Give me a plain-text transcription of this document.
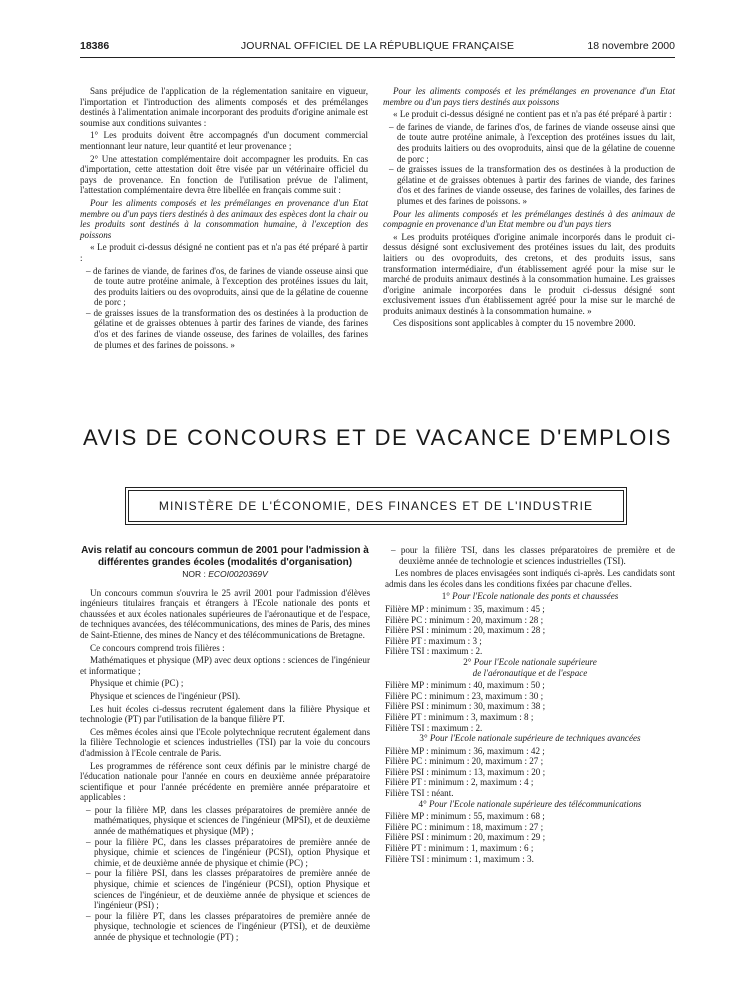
18386	JOURNAL OFFICIEL DE LA RÉPUBLIQUE FRANÇAISE	18 novembre 2000

Sans préjudice de l'application de la réglementation sanitaire en vigueur, l'importation et l'introduction des aliments composés et des prémélanges destinés à l'alimentation animale incorporant des produits d'origine animale est soumise aux conditions suivantes :

1° Les produits doivent être accompagnés d'un document commercial mentionnant leur nature, leur quantité et leur provenance ;

2° Une attestation complémentaire doit accompagner les produits. En cas d'importation, cette attestation doit être visée par un vétérinaire officiel du pays de provenance. En fonction de l'utilisation prévue de l'aliment, l'attestation complémentaire devra être libellée en français comme suit :

Pour les aliments composés et les prémélanges en provenance d'un Etat membre ou d'un pays tiers destinés à des animaux des espèces dont la chair ou les produits sont destinés à la consommation humaine, à l'exception des poissons

« Le produit ci-dessus désigné ne contient pas et n'a pas été préparé à partir :

– de farines de viande, de farines d'os, de farines de viande osseuse ainsi que de toute autre protéine animale, à l'exception des protéines issues du lait, des produits laitiers ou des ovoproduits, ainsi que de la gélatine de couenne de porc ;
– de graisses issues de la transformation des os destinées à la production de gélatine et de graisses obtenues à partir des farines de viande, des farines d'os et des farines de viande osseuse, des farines de volailles, des farines de plumes et des farines de poissons. »

Pour les aliments composés et les prémélanges en provenance d'un Etat membre ou d'un pays tiers destinés aux poissons

« Le produit ci-dessus désigné ne contient pas et n'a pas été préparé à partir :

– de farines de viande, de farines d'os, de farines de viande osseuse ainsi que de toute autre protéine animale, à l'exception des protéines issues du lait, des produits laitiers ou des ovoproduits, ainsi que de la gélatine de couenne de porc ;
– de graisses issues de la transformation des os destinées à la production de gélatine et de graisses obtenues à partir des farines de viande, des farines d'os et des farines de viande osseuse, des farines de volailles, des farines de plumes et des farines de poissons. »

Pour les aliments composés et les prémélanges destinés à des animaux de compagnie en provenance d'un Etat membre ou d'un pays tiers

« Les produits protéiques d'origine animale incorporés dans le produit ci-dessus désigné sont exclusivement des protéines issues du lait, des produits laitiers ou des ovoproduits, des cretons, et des produits issus, sans transformation intermédiaire, d'un établissement agréé pour la mise sur le marché de produits animaux destinés à la consommation humaine. Les graisses d'origine animale incorporées dans le produit ci-dessus désigné sont exclusivement issues d'un établissement agréé pour la mise sur le marché de produits animaux destinés à la consommation humaine. »

Ces dispositions sont applicables à compter du 15 novembre 2000.

AVIS DE CONCOURS ET DE VACANCE D'EMPLOIS
MINISTÈRE DE L'ÉCONOMIE, DES FINANCES ET DE L'INDUSTRIE
Avis relatif au concours commun de 2001 pour l'admission à différentes grandes écoles (modalités d'organisation)
NOR : ECOI0020369V

Un concours commun s'ouvrira le 25 avril 2001 pour l'admission d'élèves ingénieurs titulaires français et étrangers à l'Ecole nationale des ponts et chaussées et aux écoles nationales supérieures de l'aéronautique et de l'espace, de techniques avancées, des télécommunications, des mines de Paris, des mines de Saint-Etienne, des mines de Nancy et des télécommunications de Bretagne.

Ce concours comprend trois filières :

Mathématiques et physique (MP) avec deux options : sciences de l'ingénieur et informatique ;

Physique et chimie (PC) ;

Physique et sciences de l'ingénieur (PSI).

Les huit écoles ci-dessus recrutent également dans la filière Physique et technologie (PT) par l'utilisation de la banque filière PT.

Ces mêmes écoles ainsi que l'Ecole polytechnique recrutent également dans la filière Technologie et sciences industrielles (TSI) par la voie du concours d'admission à l'Ecole centrale de Paris.

Les programmes de référence sont ceux définis par le ministre chargé de l'éducation nationale pour l'année en cours en deuxième année préparatoire scientifique et pour l'année précédente en première année préparatoire et applicables :

– pour la filière MP, dans les classes préparatoires de première année de mathématiques, physique et sciences de l'ingénieur (MPSI), et de deuxième année de mathématiques et physique (MP) ;
– pour la filière PC, dans les classes préparatoires de première année de physique, chimie et sciences de l'ingénieur (PCSI), option Physique et chimie, et de deuxième année de physique et chimie (PC) ;
– pour la filière PSI, dans les classes préparatoires de première année de physique, chimie et sciences de l'ingénieur (PCSI), option Physique et sciences de l'ingénieur, et de deuxième année de physique et sciences de l'ingénieur (PSI) ;
– pour la filière PT, dans les classes préparatoires de première année de physique, technologie et sciences de l'ingénieur (PTSI), et de deuxième année de physique et technologie (PT) ;
– pour la filière TSI, dans les classes préparatoires de première et de deuxième année de technologie et sciences industrielles (TSI).

Les nombres de places envisagées sont indiqués ci-après. Les candidats sont admis dans les écoles dans les conditions fixées par chacune d'elles.

1° Pour l'Ecole nationale des ponts et chaussées

Filière MP : minimum : 35, maximum : 45 ;
Filière PC : minimum : 20, maximum : 28 ;
Filière PSI : minimum : 20, maximum : 28 ;
Filière PT : maximum : 3 ;
Filière TSI : maximum : 2.

2° Pour l'Ecole nationale supérieure
de l'aéronautique et de l'espace

Filière MP : minimum : 40, maximum : 50 ;
Filière PC : minimum : 23, maximum : 30 ;
Filière PSI : minimum : 30, maximum : 38 ;
Filière PT : minimum : 3, maximum : 8 ;
Filière TSI : maximum : 2.

3° Pour l'Ecole nationale supérieure de techniques avancées

Filière MP : minimum : 36, maximum : 42 ;
Filière PC : minimum : 20, maximum : 27 ;
Filière PSI : minimum : 13, maximum : 20 ;
Filière PT : minimum : 2, maximum : 4 ;
Filière TSI : néant.

4° Pour l'Ecole nationale supérieure des télécommunications

Filière MP : minimum : 55, maximum : 68 ;
Filière PC : minimum : 18, maximum : 27 ;
Filière PSI : minimum : 20, maximum : 29 ;
Filière PT : minimum : 1, maximum : 6 ;
Filière TSI : minimum : 1, maximum : 3.
